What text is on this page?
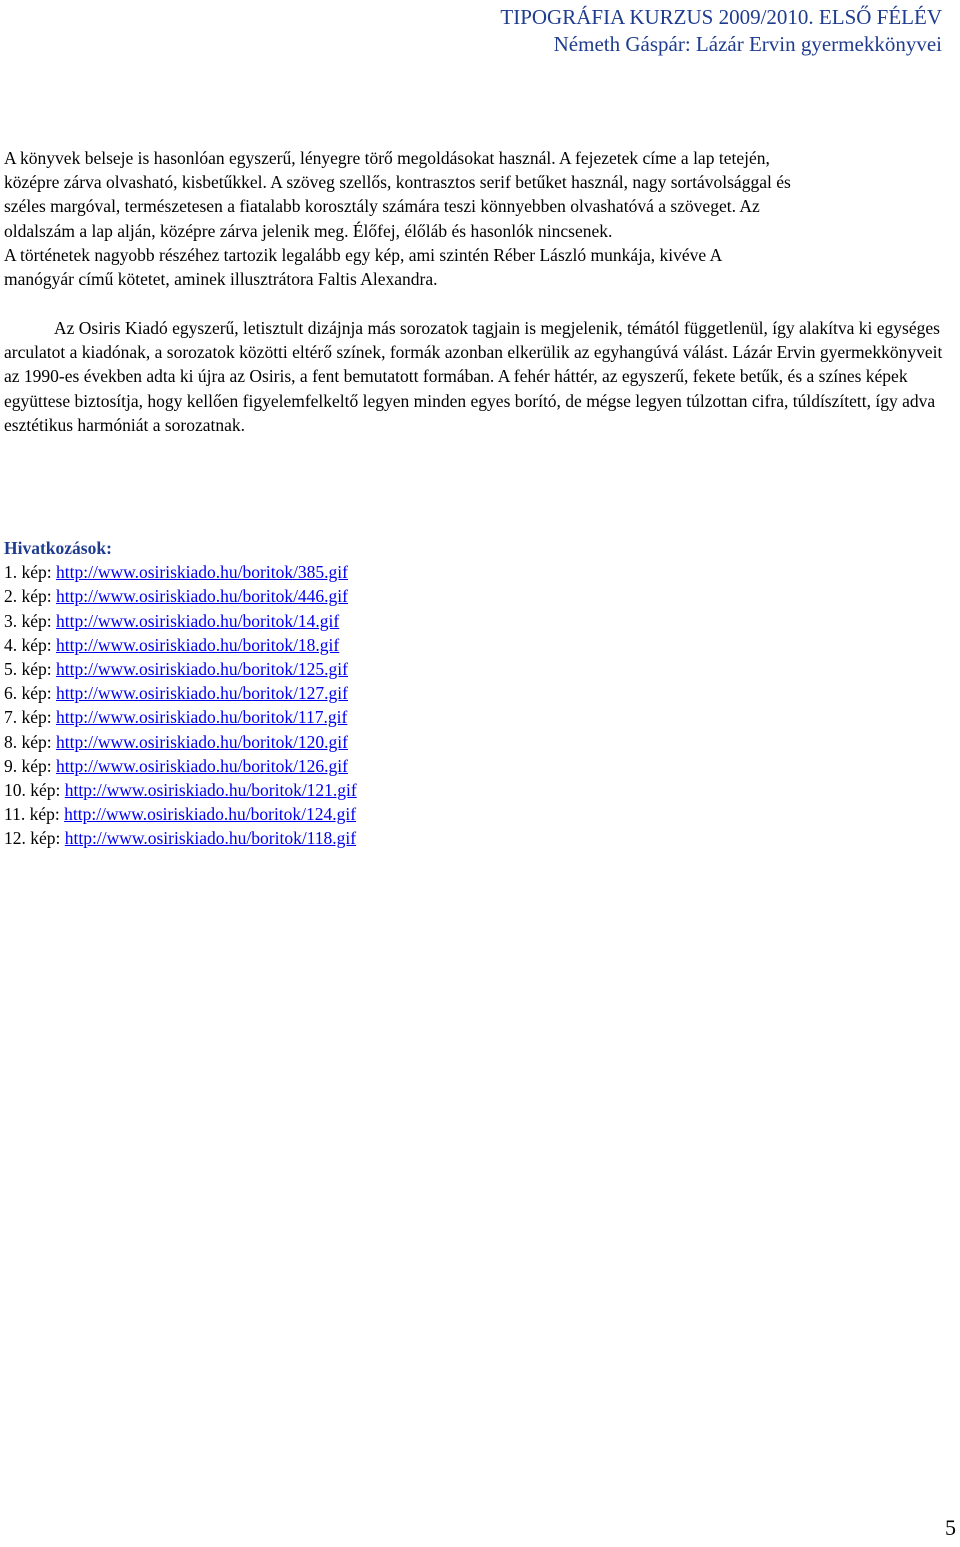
TIPOGRÁFIA KURZUS 2009/2010. ELSŐ FÉLÉV
Németh Gáspár: Lázár Ervin gyermekkönyvei
A könyvek belseje is hasonlóan egyszerű, lényegre törő megoldásokat használ. A fejezetek címe a lap tetején,
középre zárva olvasható, kisbetűkkel. A szöveg szellős, kontrasztos serif betűket használ, nagy sortávolsággal és
széles margóval, természetesen a fiatalabb korosztály számára teszi könnyebben olvashatóvá a szöveget. Az
oldalszám a lap alján, középre zárva jelenik meg. Élőfej, élőláb és hasonlók nincsenek.
A történetek nagyobb részéhez tartozik legalább egy kép, ami szintén Réber László munkája, kivéve A
manógyár című kötetet, aminek illusztrátora Faltis Alexandra.
Az Osiris Kiadó egyszerű, letisztult dizájnja más sorozatok tagjain is megjelenik, témától függetlenül, így alakítva ki egységes arculatot a kiadónak, a sorozatok közötti eltérő színek, formák azonban elkerülik az egyhangúvá válást. Lázár Ervin gyermekkönyveit az 1990-es években adta ki újra az Osiris, a fent bemutatott formában. A fehér háttér, az egyszerű, fekete betűk, és a színes képek együttese biztosítja, hogy kellően figyelemfelkeltő legyen minden egyes borító, de mégse legyen túlzottan cifra, túldíszített, így adva esztétikus harmóniát a sorozatnak.
Hivatkozások:
1. kép: http://www.osiriskiado.hu/boritok/385.gif
2. kép: http://www.osiriskiado.hu/boritok/446.gif
3. kép: http://www.osiriskiado.hu/boritok/14.gif
4. kép: http://www.osiriskiado.hu/boritok/18.gif
5. kép: http://www.osiriskiado.hu/boritok/125.gif
6. kép: http://www.osiriskiado.hu/boritok/127.gif
7. kép: http://www.osiriskiado.hu/boritok/117.gif
8. kép: http://www.osiriskiado.hu/boritok/120.gif
9. kép: http://www.osiriskiado.hu/boritok/126.gif
10. kép: http://www.osiriskiado.hu/boritok/121.gif
11. kép: http://www.osiriskiado.hu/boritok/124.gif
12. kép: http://www.osiriskiado.hu/boritok/118.gif
5
